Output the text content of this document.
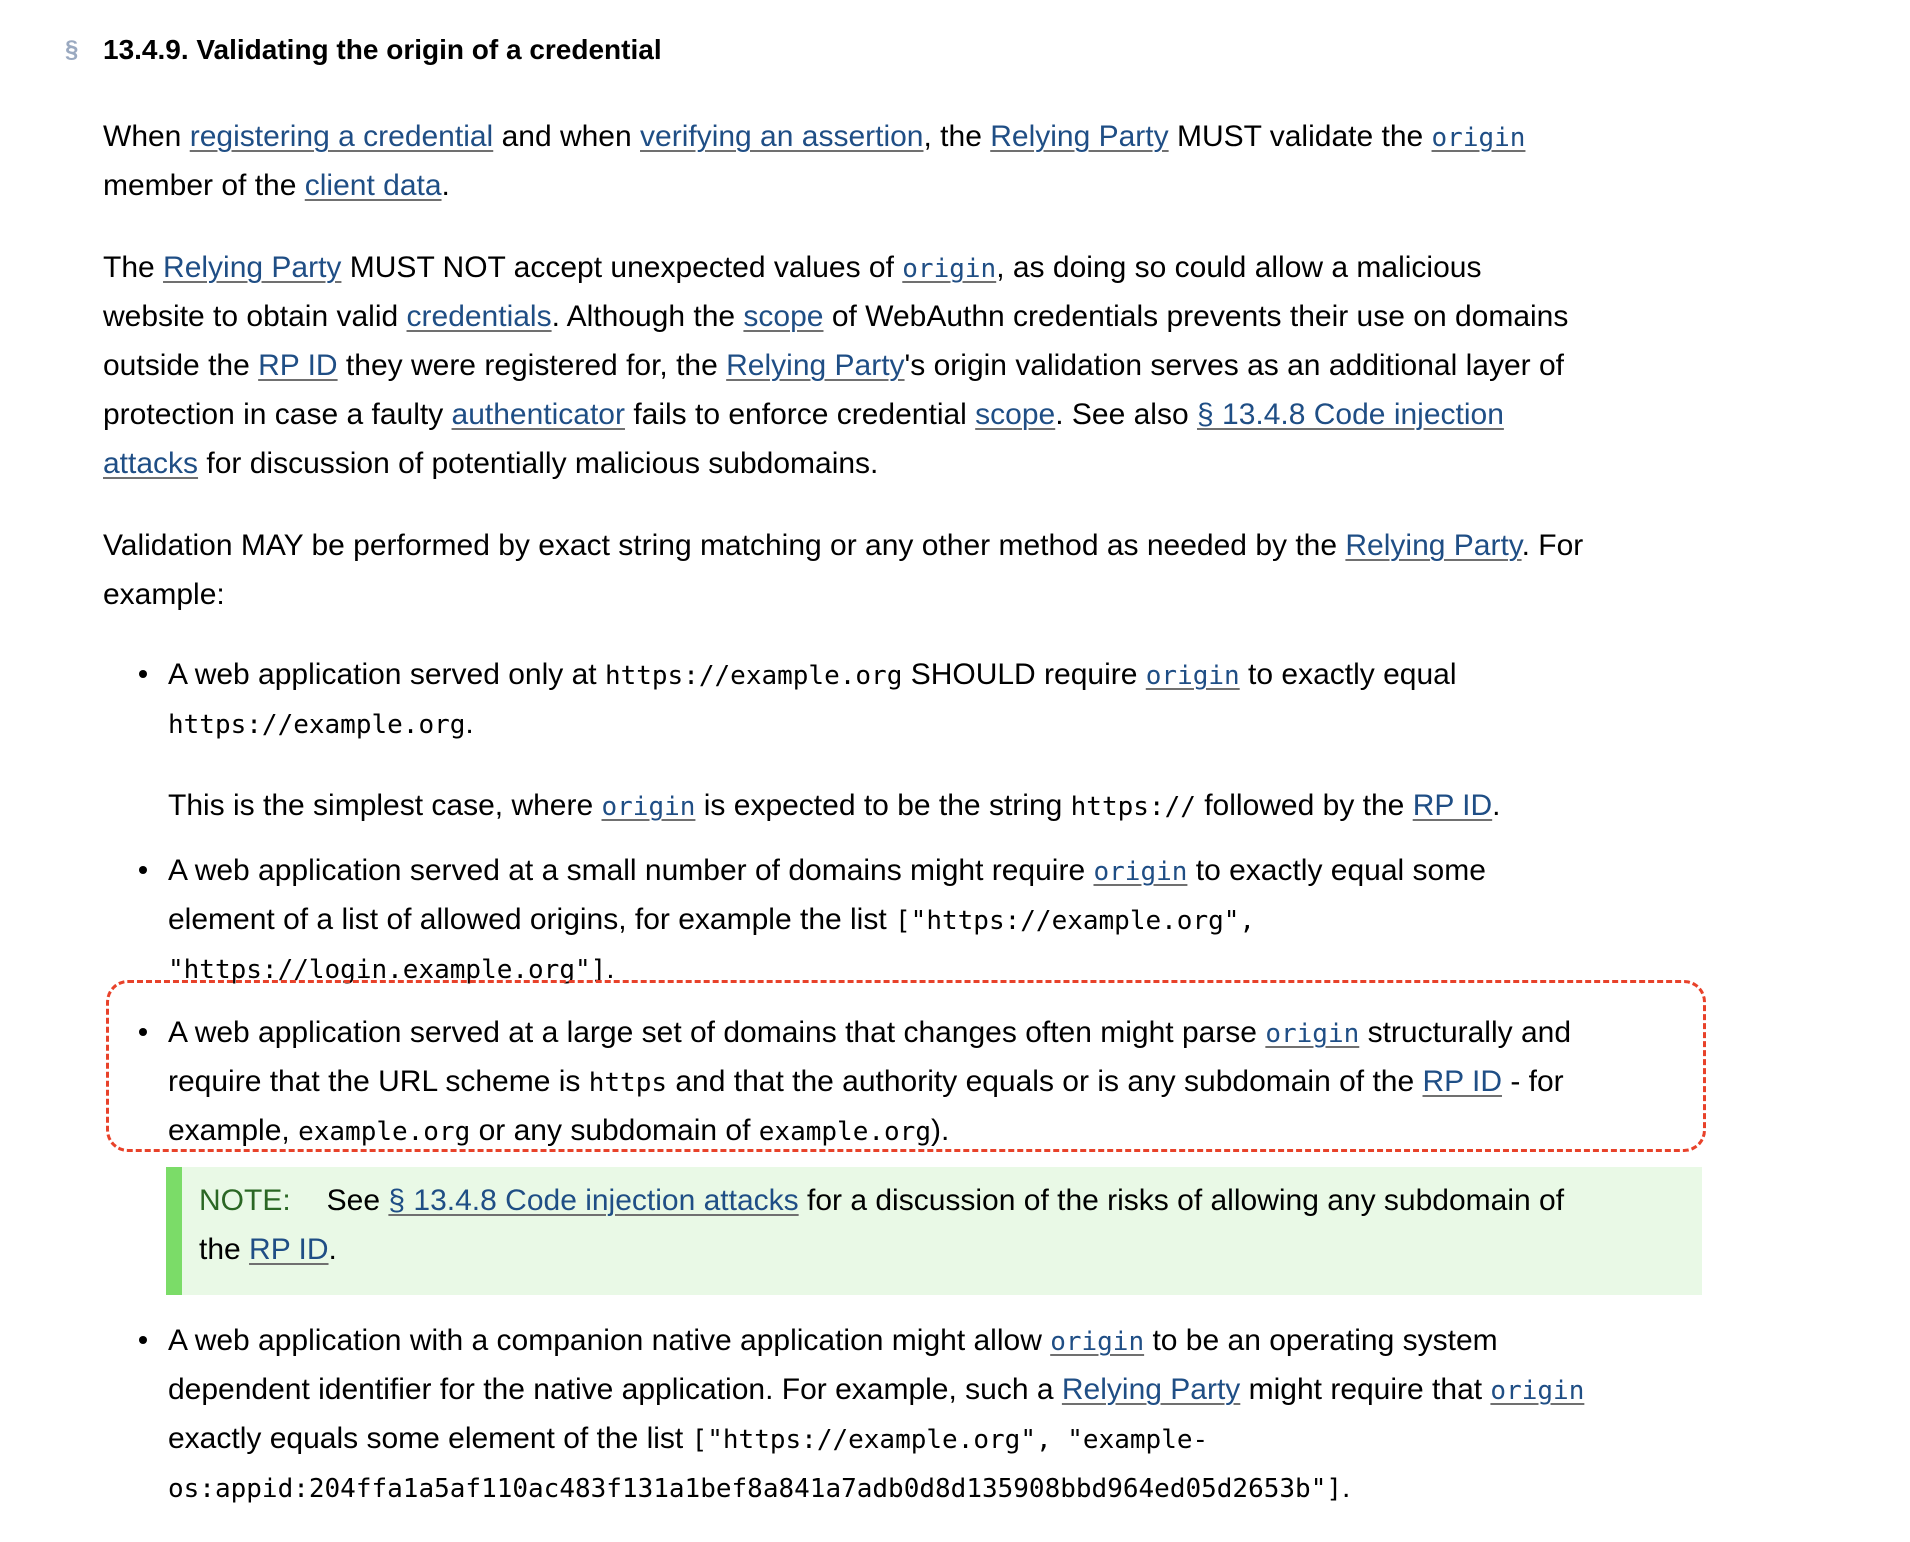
§ 13.4.9. Validating the origin of a credential
When registering a credential and when verifying an assertion, the Relying Party MUST validate the origin
member of the client data.
The Relying Party MUST NOT accept unexpected values of origin, as doing so could allow a malicious
website to obtain valid credentials. Although the scope of WebAuthn credentials prevents their use on domains
outside the RP ID they were registered for, the Relying Party's origin validation serves as an additional layer of
protection in case a faulty authenticator fails to enforce credential scope. See also § 13.4.8 Code injection
attacks for discussion of potentially malicious subdomains.
Validation MAY be performed by exact string matching or any other method as needed by the Relying Party. For
example:
A web application served only at https://example.org SHOULD require origin to exactly equal
https://example.org.
This is the simplest case, where origin is expected to be the string https:// followed by the RP ID.
A web application served at a small number of domains might require origin to exactly equal some
element of a list of allowed origins, for example the list ["https://example.org",
"https://login.example.org"].
A web application served at a large set of domains that changes often might parse origin structurally and
require that the URL scheme is https and that the authority equals or is any subdomain of the RP ID - for
example, example.org or any subdomain of example.org).
NOTE: See § 13.4.8 Code injection attacks for a discussion of the risks of allowing any subdomain of
the RP ID.
A web application with a companion native application might allow origin to be an operating system
dependent identifier for the native application. For example, such a Relying Party might require that origin
exactly equals some element of the list ["https://example.org", "example-
os:appid:204ffa1a5af110ac483f131a1bef8a841a7adb0d8d135908bbd964ed05d2653b"].
